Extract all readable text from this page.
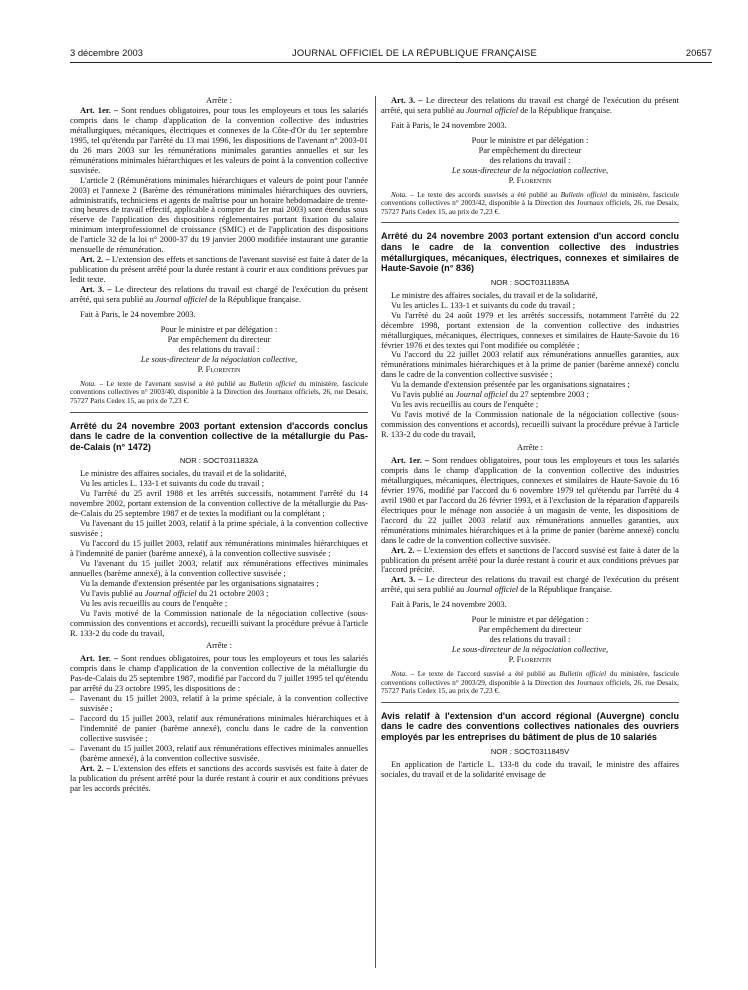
3 décembre 2003	JOURNAL OFFICIEL DE LA RÉPUBLIQUE FRANÇAISE	20657

Arrête :

Art. 1er. – Sont rendues obligatoires, pour tous les employeurs et tous les salariés compris dans le champ d'application de la convention collective des industries métallurgiques, mécaniques, électriques et connexes de la Côte-d'Or du 1er septembre 1995, tel qu'étendu par l'arrêté du 13 mai 1996, les dispositions de l'avenant n° 2003-01 du 26 mars 2003 sur les rémunérations minimales garanties annuelles et sur les rémunérations minimales hiérarchiques et les valeurs de point à la convention collective susvisée.

L'article 2 (Rémunérations minimales hiérarchiques et valeurs de point pour l'année 2003) et l'annexe 2 (Barème des rémunérations minimales hiérarchiques des ouvriers, administratifs, techniciens et agents de maîtrise pour un horaire hebdomadaire de trente-cinq heures de travail effectif, applicable à compter du 1er mai 2003) sont étendus sous réserve de l'application des dispositions réglementaires portant fixation du salaire minimum interprofessionnel de croissance (SMIC) et de l'application des dispositions de l'article 32 de la loi n° 2000-37 du 19 janvier 2000 modifiée instaurant une garantie mensuelle de rémunération.

Art. 2. – L'extension des effets et sanctions de l'avenant susvisé est faite à dater de la publication du présent arrêté pour la durée restant à courir et aux conditions prévues par ledit texte.

Art. 3. – Le directeur des relations du travail est chargé de l'exécution du présent arrêté, qui sera publié au Journal officiel de la République française.

Fait à Paris, le 24 novembre 2003.

Pour le ministre et par délégation :

Par empêchement du directeur

des relations du travail :

Le sous-directeur de la négociation collective,

P. Florentin

Nota. – Le texte de l'avenant susvisé a été publié au Bulletin officiel du ministère, fascicule conventions collectives n° 2003/40, disponible à la Direction des Journaux officiels, 26, rue Desaix, 75727 Paris Cedex 15, au prix de 7,23 €.

Arrêté du 24 novembre 2003 portant extension d'accords conclus dans le cadre de la convention collective de la métallurgie du Pas-de-Calais (n° 1472)

NOR : SOCT0311832A

Le ministre des affaires sociales, du travail et de la solidarité,

Vu les articles L. 133-1 et suivants du code du travail ;

Vu l'arrêté du 25 avril 1988 et les arrêtés successifs, notamment l'arrêté du 14 novembre 2002, portant extension de la convention collective de la métallurgie du Pas-de-Calais du 25 septembre 1987 et de textes la modifiant ou la complétant ;

Vu l'avenant du 15 juillet 2003, relatif à la prime spéciale, à la convention collective susvisée ;

Vu l'accord du 15 juillet 2003, relatif aux rémunérations minimales hiérarchiques et à l'indemnité de panier (barème annexé), à la convention collective susvisée ;

Vu l'avenant du 15 juillet 2003, relatif aux rémunérations effectives minimales annuelles (barème annexé), à la convention collective susvisée ;

Vu la demande d'extension présentée par les organisations signataires ;

Vu l'avis publié au Journal officiel du 21 octobre 2003 ;

Vu les avis recueillis au cours de l'enquête ;

Vu l'avis motivé de la Commission nationale de la négociation collective (sous-commission des conventions et accords), recueilli suivant la procédure prévue à l'article R. 133-2 du code du travail,

Arrête :

Art. 1er. – Sont rendues obligatoires, pour tous les employeurs et tous les salariés compris dans le champ d'application de la convention collective de la métallurgie du Pas-de-Calais du 25 septembre 1987, modifié par l'accord du 7 juillet 1995 tel qu'étendu par arrêté du 23 octobre 1995, les dispositions de :

– l'avenant du 15 juillet 2003, relatif à la prime spéciale, à la convention collective susvisée ;

– l'accord du 15 juillet 2003, relatif aux rémunérations minimales hiérarchiques et à l'indemnité de panier (barème annexé), conclu dans le cadre de la convention collective susvisée ;

– l'avenant du 15 juillet 2003, relatif aux rémunérations effectives minimales annuelles (barème annexé), à la convention collective susvisée.

Art. 2. – L'extension des effets et sanctions des accords susvisés est faite à dater de la publication du présent arrêté pour la durée restant à courir et aux conditions prévues par les accords précités.

Art. 3. – Le directeur des relations du travail est chargé de l'exécution du présent arrêté, qui sera publié au Journal officiel de la République française.

Fait à Paris, le 24 novembre 2003.

Pour le ministre et par délégation :

Par empêchement du directeur

des relations du travail :

Le sous-directeur de la négociation collective,

P. Florentin

Nota. – Le texte des accords susvisés a été publié au Bulletin officiel du ministère, fascicule conventions collectives n° 2003/42, disponible à la Direction des Journaux officiels, 26, rue Desaix, 75727 Paris Cedex 15, au prix de 7,23 €.

Arrêté du 24 novembre 2003 portant extension d'un accord conclu dans le cadre de la convention collective des industries métallurgiques, mécaniques, électriques, connexes et similaires de Haute-Savoie (n° 836)

NOR : SOCT0311835A

Le ministre des affaires sociales, du travail et de la solidarité,

Vu les articles L. 133-1 et suivants du code du travail ;

Vu l'arrêté du 24 août 1979 et les arrêtés successifs, notamment l'arrêté du 22 décembre 1998, portant extension de la convention collective des industries métallurgiques, mécaniques, électriques, connexes et similaires de Haute-Savoie du 16 février 1976 et des textes qui l'ont modifiée ou complétée ;

Vu l'accord du 22 juillet 2003 relatif aux rémunérations annuelles garanties, aux rémunérations minimales hiérarchiques et à la prime de panier (barème annexé) conclu dans le cadre de la convention collective susvisée ;

Vu la demande d'extension présentée par les organisations signataires ;

Vu l'avis publié au Journal officiel du 27 septembre 2003 ;

Vu les avis recueillis au cours de l'enquête ;

Vu l'avis motivé de la Commission nationale de la négociation collective (sous-commission des conventions et accords), recueilli suivant la procédure prévue à l'article R. 133-2 du code du travail,

Arrête :

Art. 1er. – Sont rendues obligatoires, pour tous les employeurs et tous les salariés compris dans le champ d'application de la convention collective des industries métallurgiques, mécaniques, électriques, connexes et similaires de Haute-Savoie du 16 février 1976, modifié par l'accord du 6 novembre 1979 tel qu'étendu par l'arrêté du 4 avril 1980 et par l'accord du 26 février 1993, et à l'exclusion de la réparation d'appareils électriques pour le ménage non associée à un magasin de vente, les dispositions de l'accord du 22 juillet 2003 relatif aux rémunérations annuelles garanties, aux rémunérations minimales hiérarchiques et à la prime de panier (barème annexé) conclu dans le cadre de la convention collective susvisée.

Art. 2. – L'extension des effets et sanctions de l'accord susvisé est faite à dater de la publication du présent arrêté pour la durée restant à courir et aux conditions prévues par l'accord précité.

Art. 3. – Le directeur des relations du travail est chargé de l'exécution du présent arrêté, qui sera publié au Journal officiel de la République française.

Fait à Paris, le 24 novembre 2003.

Pour le ministre et par délégation :

Par empêchement du directeur

des relations du travail :

Le sous-directeur de la négociation collective,

P. Florentin

Nota. – Le texte de l'accord susvisé a été publié au Bulletin officiel du ministère, fascicule conventions collectives n° 2003/29, disponible à la Direction des Journaux officiels, 26, rue Desaix, 75727 Paris Cedex 15, au prix de 7,23 €.

Avis relatif à l'extension d'un accord régional (Auvergne) conclu dans le cadre des conventions collectives nationales des ouvriers employés par les entreprises du bâtiment de plus de 10 salariés

NOR : SOCT0311845V

En application de l'article L. 133-8 du code du travail, le ministre des affaires sociales, du travail et de la solidarité envisage de
